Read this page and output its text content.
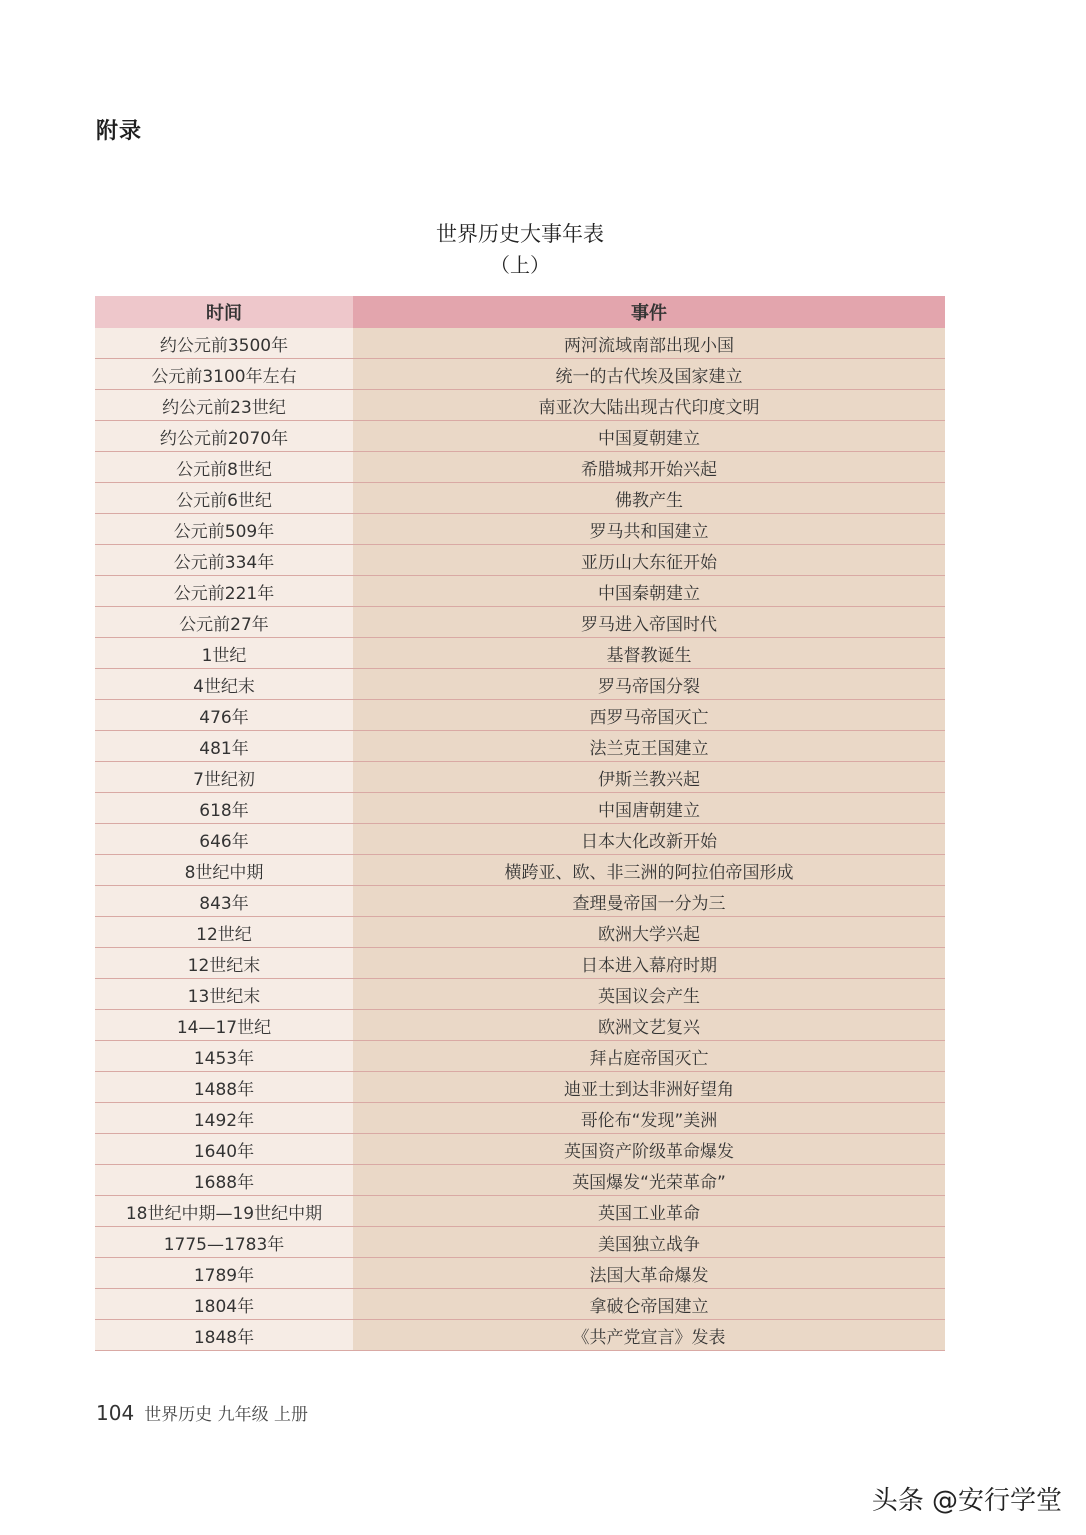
附录
世界历史大事年表
（上）
时间	事件
约公元前3500年	两河流域南部出现小国
公元前3100年左右	统一的古代埃及国家建立
约公元前23世纪	南亚次大陆出现古代印度文明
约公元前2070年	中国夏朝建立
公元前8世纪	希腊城邦开始兴起
公元前6世纪	佛教产生
公元前509年	罗马共和国建立
公元前334年	亚历山大东征开始
公元前221年	中国秦朝建立
公元前27年	罗马进入帝国时代
1世纪	基督教诞生
4世纪末	罗马帝国分裂
476年	西罗马帝国灭亡
481年	法兰克王国建立
7世纪初	伊斯兰教兴起
618年	中国唐朝建立
646年	日本大化改新开始
8世纪中期	横跨亚、欧、非三洲的阿拉伯帝国形成
843年	查理曼帝国一分为三
12世纪	欧洲大学兴起
12世纪末	日本进入幕府时期
13世纪末	英国议会产生
14—17世纪	欧洲文艺复兴
1453年	拜占庭帝国灭亡
1488年	迪亚士到达非洲好望角
1492年	哥伦布“发现”美洲
1640年	英国资产阶级革命爆发
1688年	英国爆发“光荣革命”
18世纪中期—19世纪中期	英国工业革命
1775—1783年	美国独立战争
1789年	法国大革命爆发
1804年	拿破仑帝国建立
1848年	《共产党宣言》发表
104 世界历史 九年级 上册
头条 @安行学堂
